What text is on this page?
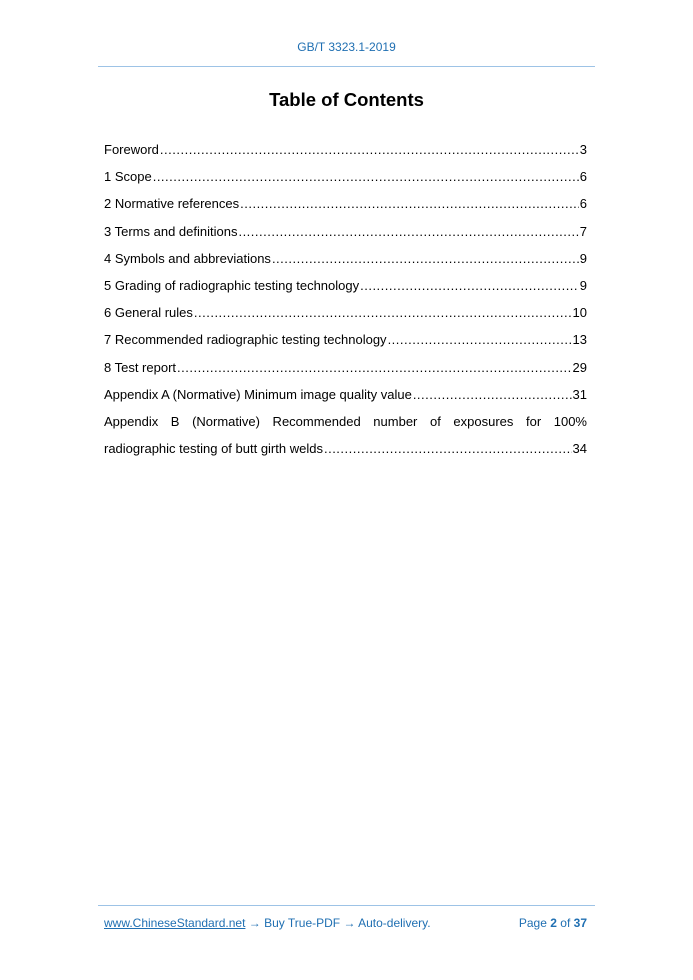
GB/T 3323.1-2019
Table of Contents
Foreword .....	3
1 Scope .....	6
2 Normative references .....	6
3 Terms and definitions .....	7
4 Symbols and abbreviations .....	9
5 Grading of radiographic testing technology .....	9
6 General rules .....	10
7 Recommended radiographic testing technology .....	13
8 Test report .....	29
Appendix A (Normative) Minimum image quality value .....	31
Appendix B (Normative) Recommended number of exposures for 100%
radiographic testing of butt girth welds .....	34
www.ChineseStandard.net → Buy True-PDF → Auto-delivery.	Page 2 of 37
